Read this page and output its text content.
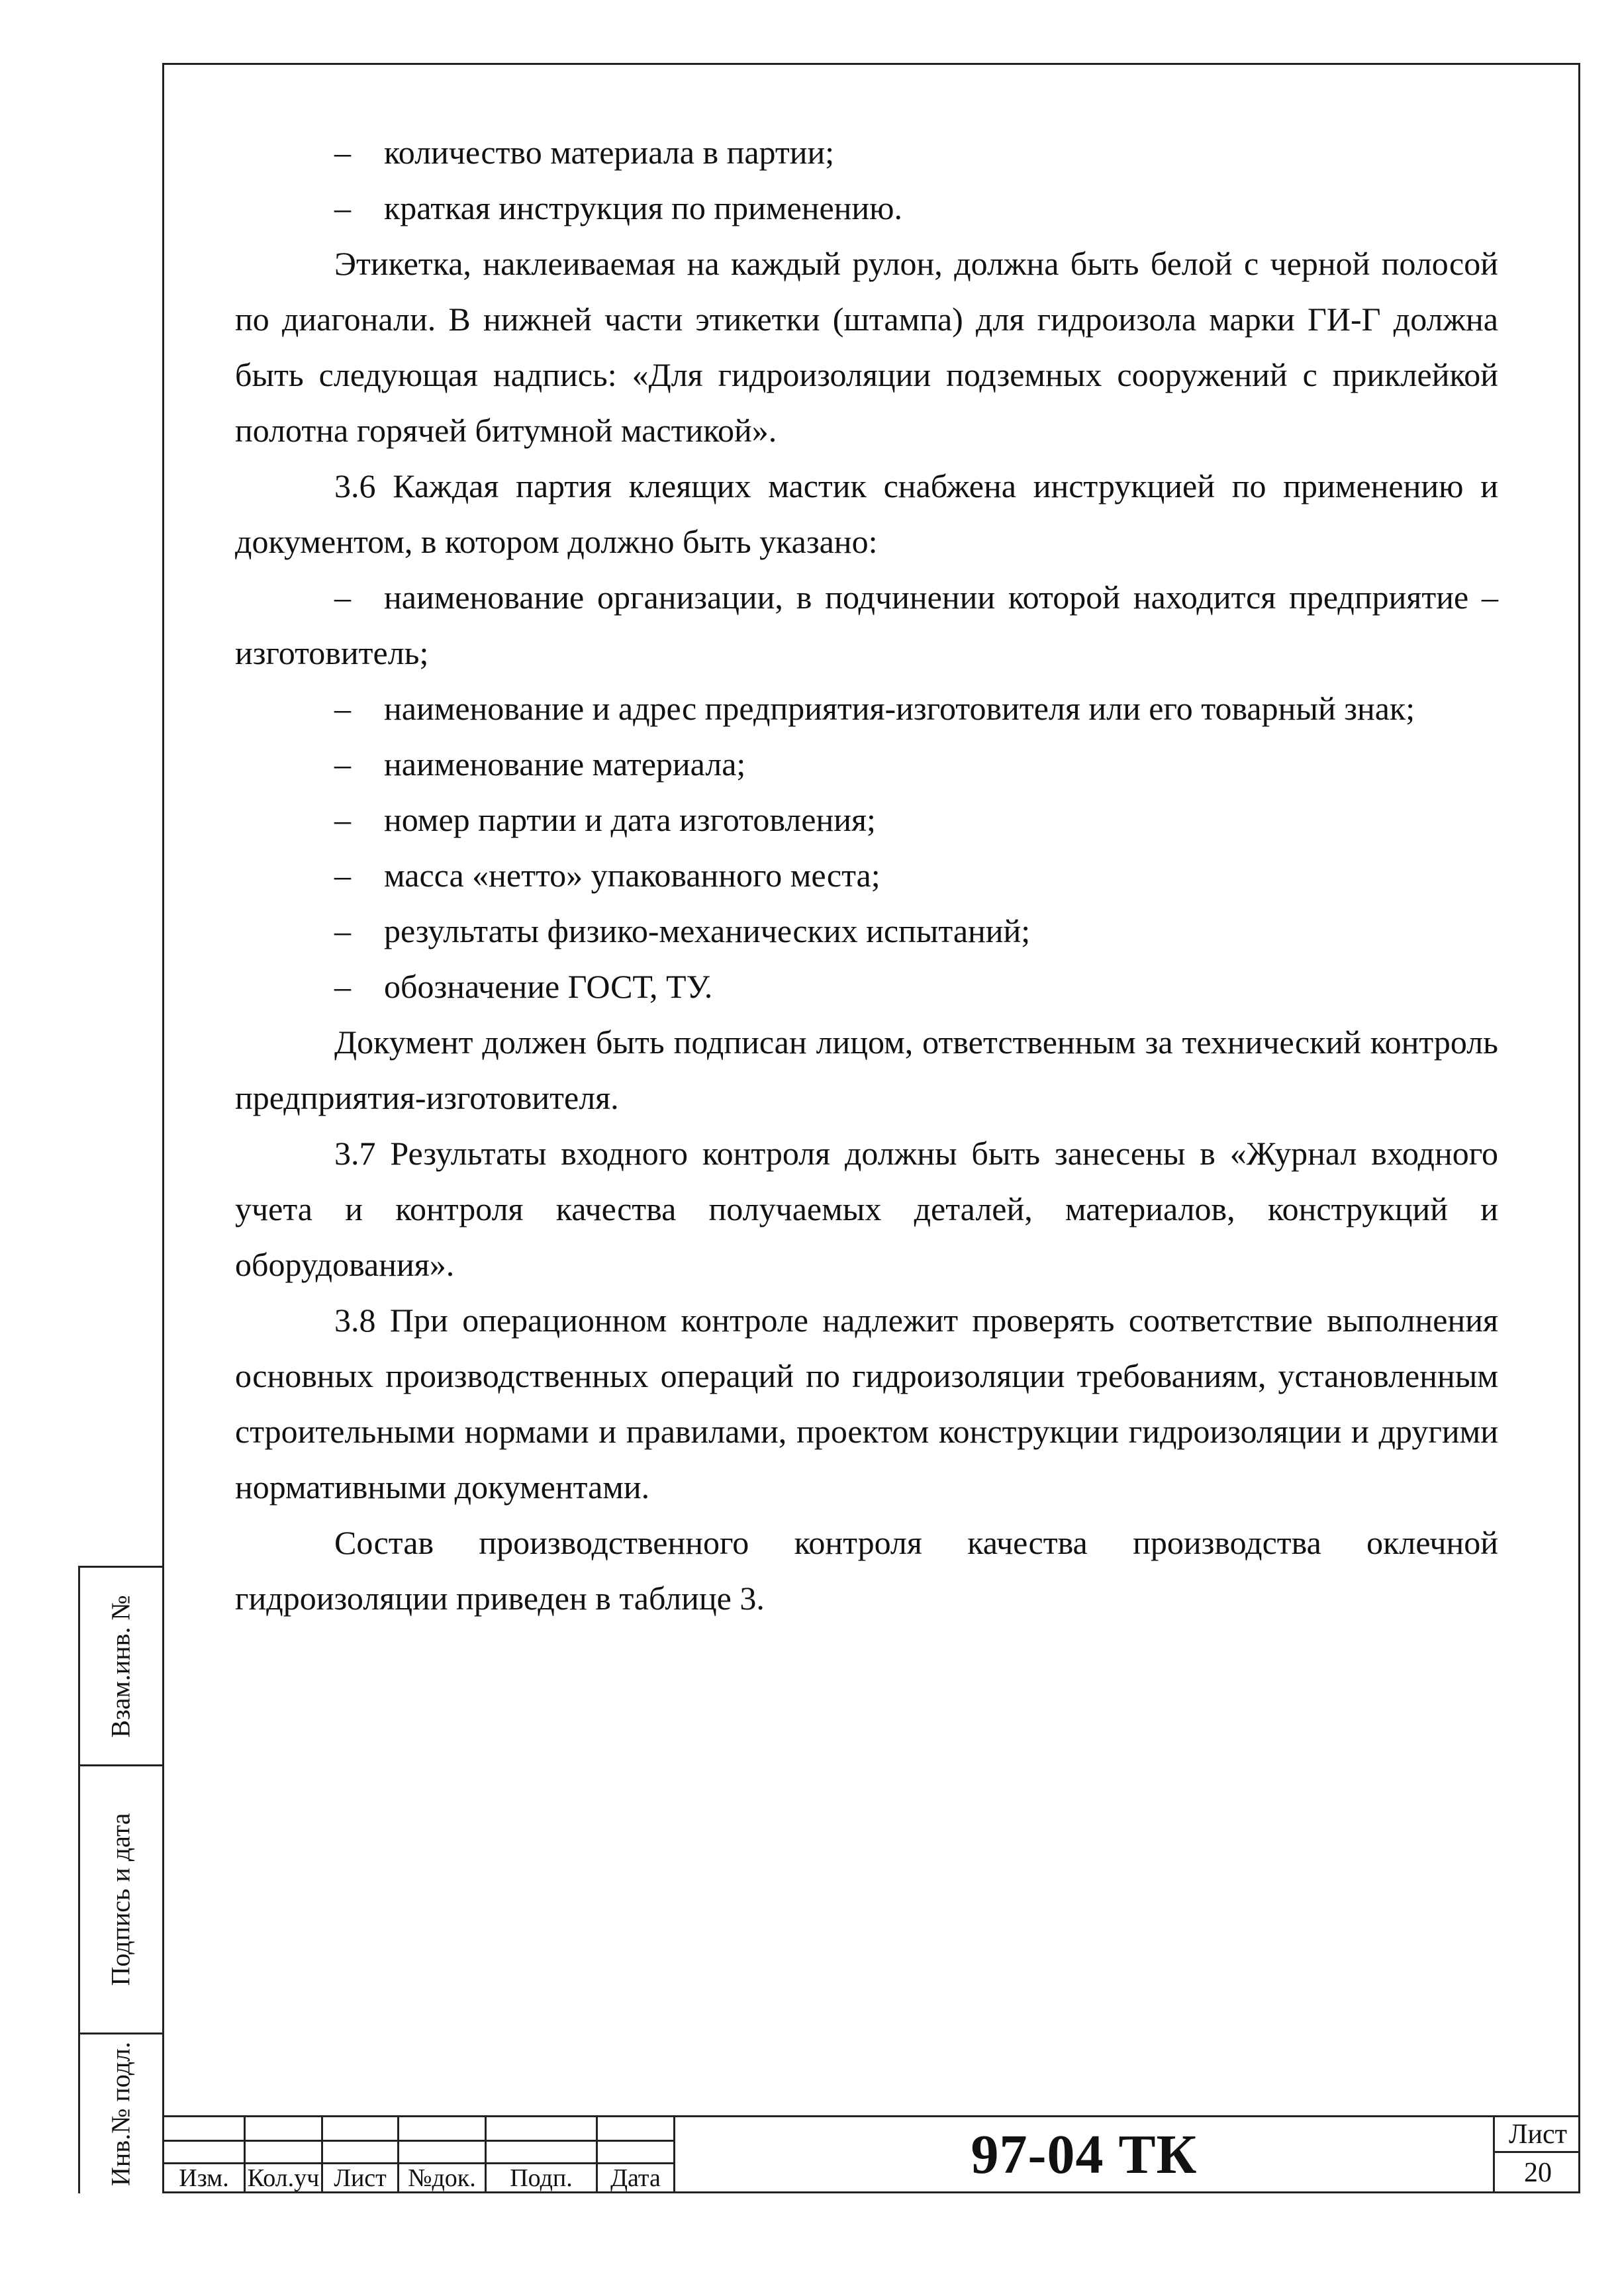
– количество материала в партии;

– краткая инструкция по применению.

Этикетка, наклеиваемая на каждый рулон, должна быть белой с черной полосой по диагонали. В нижней части этикетки (штампа) для гидроизола марки ГИ-Г должна быть следующая надпись: «Для гидроизоляции подземных сооружений с приклейкой полотна горячей битумной мастикой».

3.6 Каждая партия клеящих мастик снабжена инструкцией по применению и документом, в котором должно быть указано:

– наименование организации, в подчинении которой находится предприятие – изготовитель;

– наименование и адрес предприятия-изготовителя или его товарный знак;

– наименование материала;

– номер партии и дата изготовления;

– масса «нетто» упакованного места;

– результаты физико-механических испытаний;

– обозначение ГОСТ, ТУ.

Документ должен быть подписан лицом, ответственным за технический контроль предприятия-изготовителя.

3.7 Результаты входного контроля должны быть занесены в «Журнал входного учета и контроля качества получаемых деталей, материалов, конструкций и оборудования».

3.8 При операционном контроле надлежит проверять соответствие выполнения основных производственных операций по гидроизоляции требованиям, установленным строительными нормами и правилами, проектом конструкции гидроизоляции и другими нормативными документами.

Состав производственного контроля качества производства оклечной гидроизоляции приведен в таблице 3.

Взам.инв. №
Подпись и дата
Инв.№ подл.	Изм. Кол.уч Лист №док.	Подп.	Дата	97-04 ТК	Лист
20
